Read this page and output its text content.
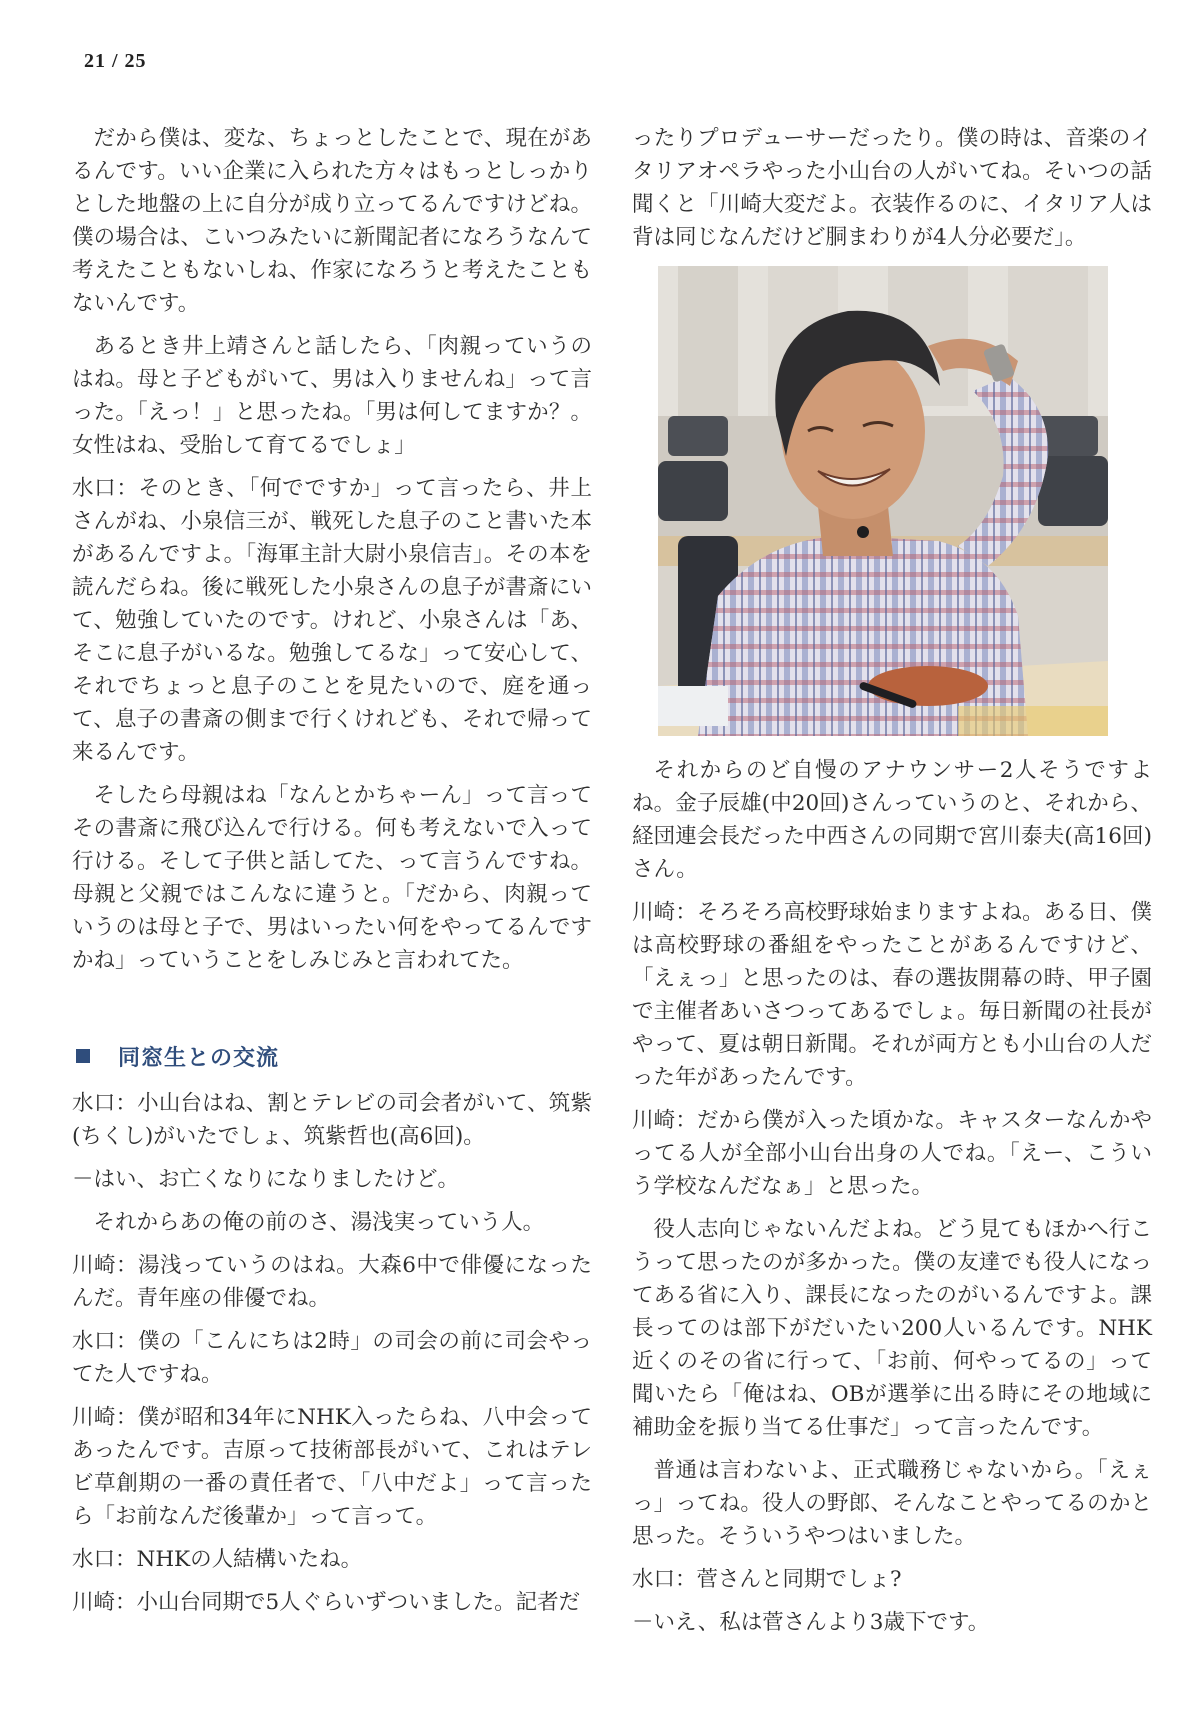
21 / 25

だから僕は、変な、ちょっとしたことで、現在があるんです。いい企業に入られた方々はもっとしっかりとした地盤の上に自分が成り立ってるんですけどね。僕の場合は、こいつみたいに新聞記者になろうなんて考えたこともないしね、作家になろうと考えたこともないんです。

あるとき井上靖さんと話したら、「肉親っていうのはね。母と子どもがいて、男は入りませんね」って言った。「えっ！」と思ったね。「男は何してますか？。女性はね、受胎して育てるでしょ」

水口：そのとき、「何でですか」って言ったら、井上さんがね、小泉信三が、戦死した息子のこと書いた本があるんですよ。「海軍主計大尉小泉信吉」。その本を読んだらね。後に戦死した小泉さんの息子が書斎にいて、勉強していたのです。けれど、小泉さんは「あ、そこに息子がいるな。勉強してるな」って安心して、それでちょっと息子のことを見たいので、庭を通って、息子の書斎の側まで行くけれども、それで帰って来るんです。

そしたら母親はね「なんとかちゃーん」って言ってその書斎に飛び込んで行ける。何も考えないで入って行ける。そして子供と話してた、って言うんですね。母親と父親ではこんなに違うと。「だから、肉親っていうのは母と子で、男はいったい何をやってるんですかね」っていうことをしみじみと言われてた。

同窓生との交流

水口：小山台はね、割とテレビの司会者がいて、筑紫(ちくし)がいたでしょ、筑紫哲也(高6回)。

－はい、お亡くなりになりましたけど。

それからあの俺の前のさ、湯浅実っていう人。

川崎：湯浅っていうのはね。大森6中で俳優になったんだ。青年座の俳優でね。

水口：僕の「こんにちは2時」の司会の前に司会やってた人ですね。

川崎：僕が昭和34年にNHK入ったらね、八中会ってあったんです。吉原って技術部長がいて、これはテレビ草創期の一番の責任者で、「八中だよ」って言ったら「お前なんだ後輩か」って言って。

水口：NHKの人結構いたね。

川崎：小山台同期で5人ぐらいずついました。記者だ

ったりプロデューサーだったり。僕の時は、音楽のイタリアオペラやった小山台の人がいてね。そいつの話聞くと「川崎大変だよ。衣装作るのに、イタリア人は背は同じなんだけど胴まわりが4人分必要だ」。

それからのど自慢のアナウンサー2人そうですよね。金子辰雄(中20回)さんっていうのと、それから、経団連会長だった中西さんの同期で宮川泰夫(高16回)さん。

川崎：そろそろ高校野球始まりますよね。ある日、僕は高校野球の番組をやったことがあるんですけど、「えぇっ」と思ったのは、春の選抜開幕の時、甲子園で主催者あいさつってあるでしょ。毎日新聞の社長がやって、夏は朝日新聞。それが両方とも小山台の人だった年があったんです。

川崎：だから僕が入った頃かな。キャスターなんかやってる人が全部小山台出身の人でね。「えー、こういう学校なんだなぁ」と思った。

役人志向じゃないんだよね。どう見てもほかへ行こうって思ったのが多かった。僕の友達でも役人になってある省に入り、課長になったのがいるんですよ。課長ってのは部下がだいたい200人いるんです。NHK近くのその省に行って、「お前、何やってるの」って聞いたら「俺はね、OBが選挙に出る時にその地域に補助金を振り当てる仕事だ」って言ったんです。

普通は言わないよ、正式職務じゃないから。「えぇっ」ってね。役人の野郎、そんなことやってるのかと思った。そういうやつはいました。

水口：菅さんと同期でしょ?

－いえ、私は菅さんより3歳下です。
